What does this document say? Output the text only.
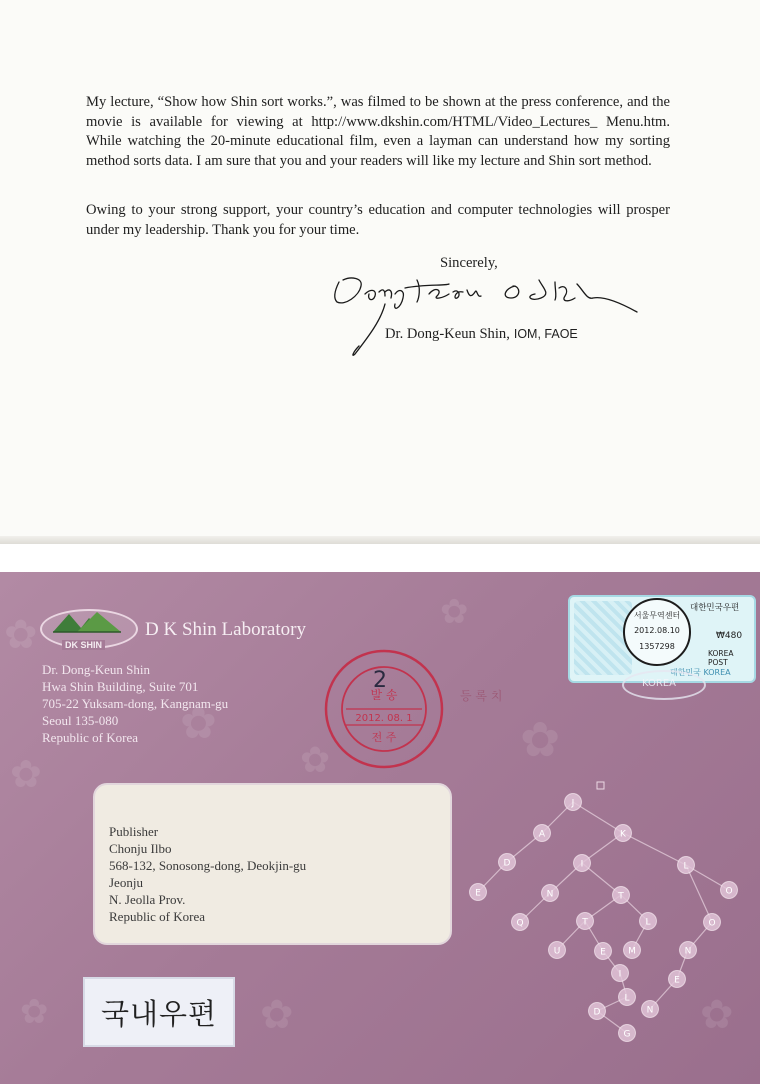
My lecture, “Show how Shin sort works.”, was filmed to be shown at the press conference, and the movie is available for viewing at http://www.dkshin.com/HTML/Video_Lectures_ Menu.htm. While watching the 20-minute educational film, even a layman can understand how my sorting method sorts data. I am sure that you and your readers will like my lecture and Shin sort method.

Owing to your strong support, your country’s education and computer technologies will prosper under my leadership. Thank you for your time.

Sincerely,
Dr. Dong-Keun Shin, IOM, FAOE
✿
✿
✿	✿
✿
✿
✿	✿
✿
DK SHIN
D K Shin Laboratory
Dr. Dong-Keun Shin
Hwa Shin Building, Suite 701
705-22 Yuksam-dong, Kangnam-gu
Seoul 135-080
Republic of Korea
발 송
2012. 08. 1
전 주
2
등 록 치
대한민국우편
₩480
KOREA POST
대한민국 KOREA
서울무역센터
2012.08.10
1357298
KOREA
Publisher
Chonju Ilbo
568-132, Sonosong-dong, Deokjin-gu
Jeonju
N. Jeolla Prov.
Republic of Korea
국내우편
J
A	K
D	I	L
E	N	T	O
Q	T	L	O
U	E M	N
I
L
E
D	N
G
